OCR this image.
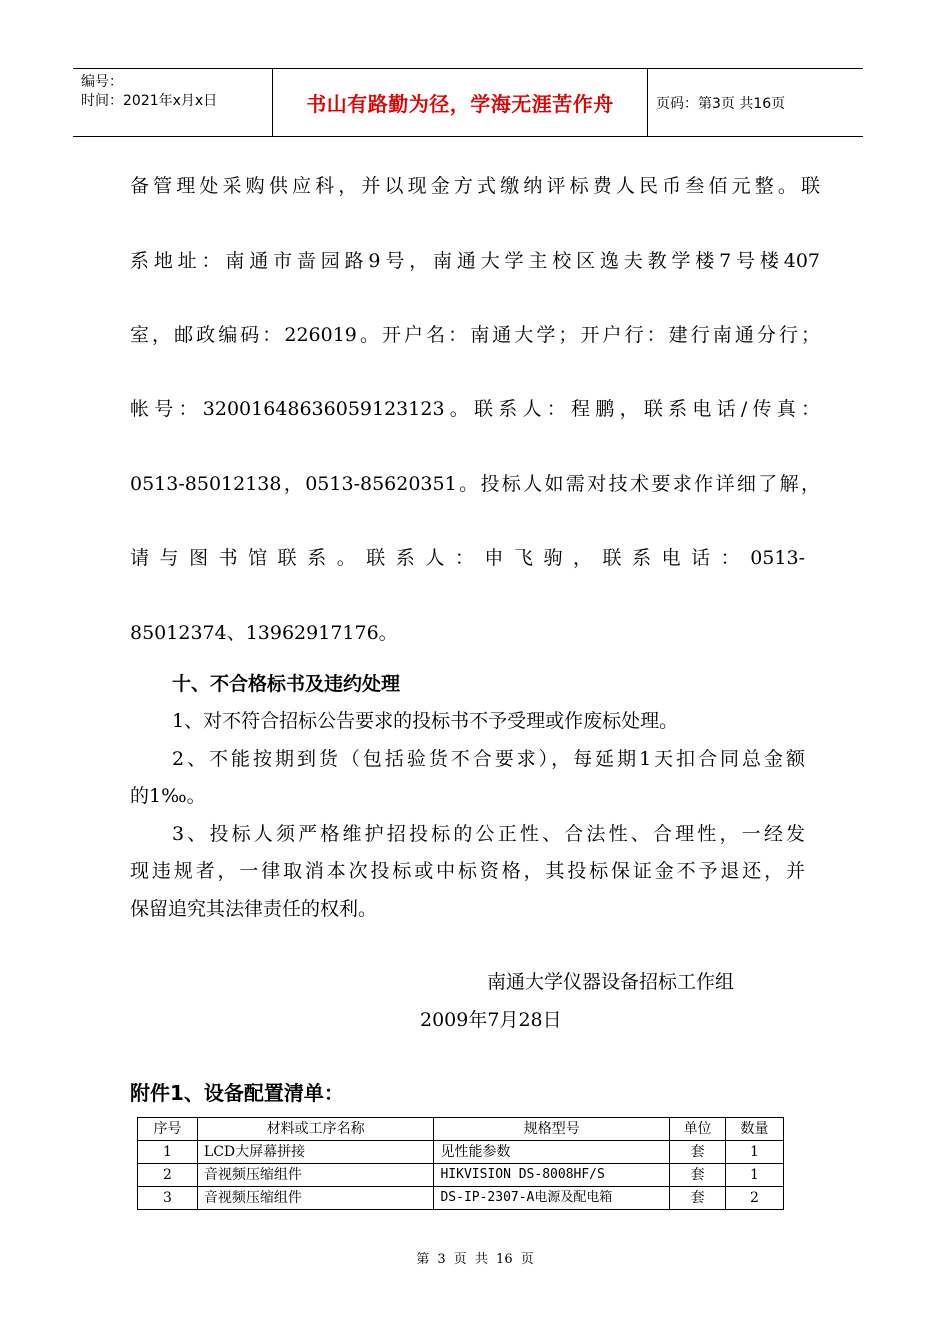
编号：
时间：2021年x月x日	书山有路勤为径，学海无涯苦作舟	页码：第3页 共16页
备管理处采购供应科，并以现金方式缴纳评标费人民币叁佰元整。联
系地址：南通市啬园路9号，南通大学主校区逸夫教学楼7号楼407
室，邮政编码：226019。开户名：南通大学；开户行：建行南通分行；
帐号：32001648636059123123。联系人：程鹏，联系电话/传真：
0513-85012138，0513-85620351。投标人如需对技术要求作详细了解，
请与图书馆联系。联系人：申飞驹，联系电话：0513-
85012374、13962917176。
十、不合格标书及违约处理
1、对不符合招标公告要求的投标书不予受理或作废标处理。
2、不能按期到货（包括验货不合要求），每延期1天扣合同总金额
的1‰。
3、投标人须严格维护招投标的公正性、合法性、合理性，一经发
现违规者，一律取消本次投标或中标资格，其投标保证金不予退还，并
保留追究其法律责任的权利。
南通大学仪器设备招标工作组
2009年7月28日
附件1、设备配置清单：
序号	材料或工序名称	规格型号	单位	数量
1	LCD大屏幕拼接	见性能参数	套	1
2	音视频压缩组件	HIKVISION DS-8008HF/S	套	1
3	音视频压缩组件	DS-IP-2307-A电源及配电箱	套	2
第 3 页 共 16 页
